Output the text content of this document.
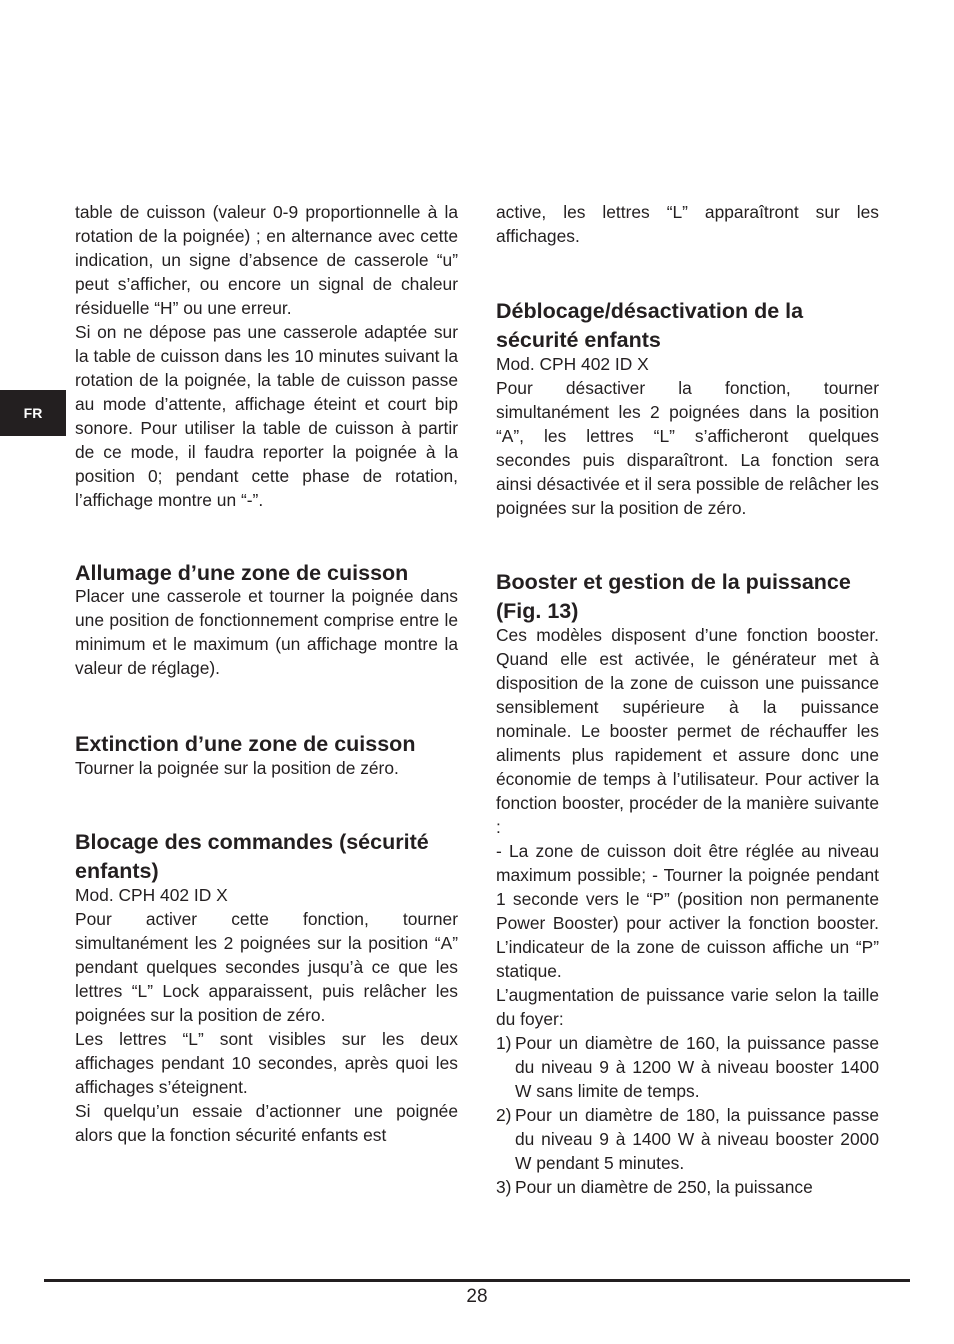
FR

table de cuisson (valeur 0-9 proportionnelle à la rotation de la poignée) ; en alternance avec cette indication, un signe d’absence de casserole “u” peut s’afficher, ou encore un signal de chaleur résiduelle “H” ou une erreur.

Si on ne dépose pas une casserole adaptée sur la table de cuisson dans les 10 minutes suivant la rotation de la poignée, la table de cuisson passe au mode d’attente, affichage éteint et court bip sonore. Pour utiliser la table de cuisson à partir de ce mode, il faudra reporter la poignée à la position 0; pendant cette phase de rotation, l’affichage montre un “-”.

Allumage d’une zone de cuisson

Placer une casserole et tourner la poignée dans une position de fonctionnement comprise entre le minimum et le maximum (un affichage montre la valeur de réglage).

Extinction d’une zone de cuisson

Tourner la poignée sur la position de zéro.

Blocage des commandes (sécurité enfants)

Mod. CPH 402 ID X

Pour activer cette fonction, tourner simultanément les 2 poignées sur la position “A” pendant quelques secondes jusqu’à ce que les lettres “L” Lock apparaissent, puis relâcher les poignées sur la position de zéro.

Les lettres “L” sont visibles sur les deux affichages pendant 10 secondes, après quoi les affichages s’éteignent.

Si quelqu’un essaie d’actionner une poignée alors que la fonction sécurité enfants est

active, les lettres “L” apparaîtront sur les affichages.

Déblocage/désactivation de la sécurité enfants

Mod. CPH 402 ID X

Pour désactiver la fonction, tourner simultanément les 2 poignées dans la position “A”, les lettres “L” s’afficheront quelques secondes puis disparaîtront. La fonction sera ainsi désactivée et il sera possible de relâcher les poignées sur la position de zéro.

Booster et gestion de la puissance (Fig. 13)

Ces modèles disposent d’une fonction booster. Quand elle est activée, le générateur met à disposition de la zone de cuisson une puissance sensiblement supérieure à la puissance nominale. Le booster permet de réchauffer les aliments plus rapidement et assure donc une économie de temps à l’utilisateur. Pour activer la fonction booster, procéder de la manière suivante :

- La zone de cuisson doit être réglée au niveau maximum possible; - Tourner la poignée pendant 1 seconde vers le “P” (position non permanente Power Booster) pour activer la fonction booster. L’indicateur de la zone de cuisson affiche un “P” statique.

L’augmentation de puissance varie selon la taille du foyer:

1) Pour un diamètre de 160, la puissance passe du niveau 9 à 1200 W à niveau booster 1400 W sans limite de temps.
2) Pour un diamètre de 180, la puissance passe du niveau 9 à 1400 W à niveau booster 2000 W pendant 5 minutes.
3) Pour un diamètre de 250, la puissance
28
